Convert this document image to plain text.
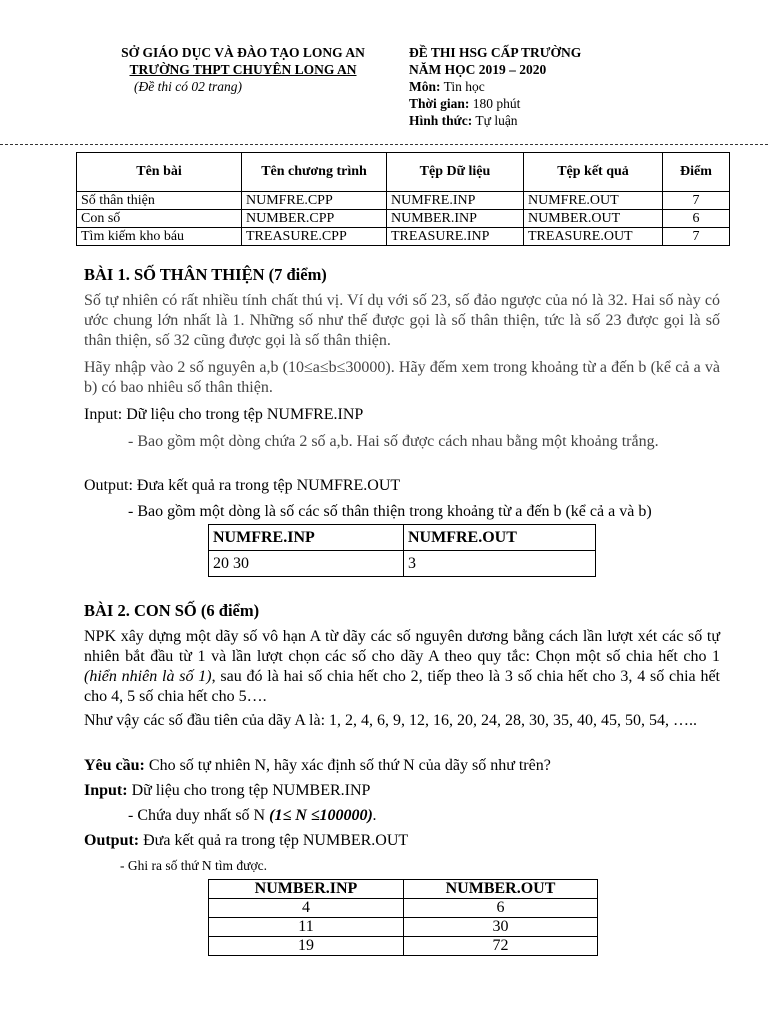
SỞ GIÁO DỤC VÀ ĐÀO TẠO LONG AN
TRƯỜNG THPT CHUYÊN LONG AN
(Đề thi có 02 trang)
ĐỀ THI HSG CẤP TRƯỜNG
NĂM HỌC 2019 – 2020
Môn: Tin học
Thời gian: 180 phút
Hình thức: Tự luận
Tên bài	Tên chương trình	Tệp Dữ liệu	Tệp kết quả	Điểm
Số thân thiện	NUMFRE.CPP	NUMFRE.INP	NUMFRE.OUT	7
Con số	NUMBER.CPP	NUMBER.INP	NUMBER.OUT	6
Tìm kiếm kho báu	TREASURE.CPP	TREASURE.INP	TREASURE.OUT	7
BÀI 1. SỐ THÂN THIỆN (7 điểm)
Số tự nhiên có rất nhiều tính chất thú vị. Ví dụ với số 23, số đảo ngược của nó là 32. Hai số này có ước chung lớn nhất là 1. Những số như thế được gọi là số thân thiện, tức là số 23 được gọi là số thân thiện, số 32 cũng được gọi là số thân thiện.
Hãy nhập vào 2 số nguyên a,b (10≤a≤b≤30000). Hãy đếm xem trong khoảng từ a đến b (kể cả a và b) có bao nhiêu số thân thiện.
Input: Dữ liệu cho trong tệp NUMFRE.INP
- Bao gồm một dòng chứa 2 số a,b. Hai số được cách nhau bằng một khoảng trắng.
Output: Đưa kết quả ra trong tệp NUMFRE.OUT
- Bao gồm một dòng là số các số thân thiện trong khoảng từ a đến b (kể cả a và b)
NUMFRE.INP	NUMFRE.OUT
20 30	3
BÀI 2. CON SỐ (6 điểm)
NPK xây dựng một dãy số vô hạn A từ dãy các số nguyên dương bằng cách lần lượt xét các số tự nhiên bắt đầu từ 1 và lần lượt chọn các số cho dãy A theo quy tắc: Chọn một số chia hết cho 1 (hiển nhiên là số 1), sau đó là hai số chia hết cho 2, tiếp theo là 3 số chia hết cho 3, 4 số chia hết cho 4, 5 số chia hết cho 5….
Như vậy các số đầu tiên của dãy A là: 1, 2, 4, 6, 9, 12, 16, 20, 24, 28, 30, 35, 40, 45, 50, 54, …..
Yêu cầu: Cho số tự nhiên N, hãy xác định số thứ N của dãy số như trên?
Input: Dữ liệu cho trong tệp NUMBER.INP
- Chứa duy nhất số N (1≤ N ≤100000).
Output: Đưa kết quả ra trong tệp NUMBER.OUT
- Ghi ra số thứ N tìm được.
NUMBER.INP	NUMBER.OUT
4	6
11	30
19	72
